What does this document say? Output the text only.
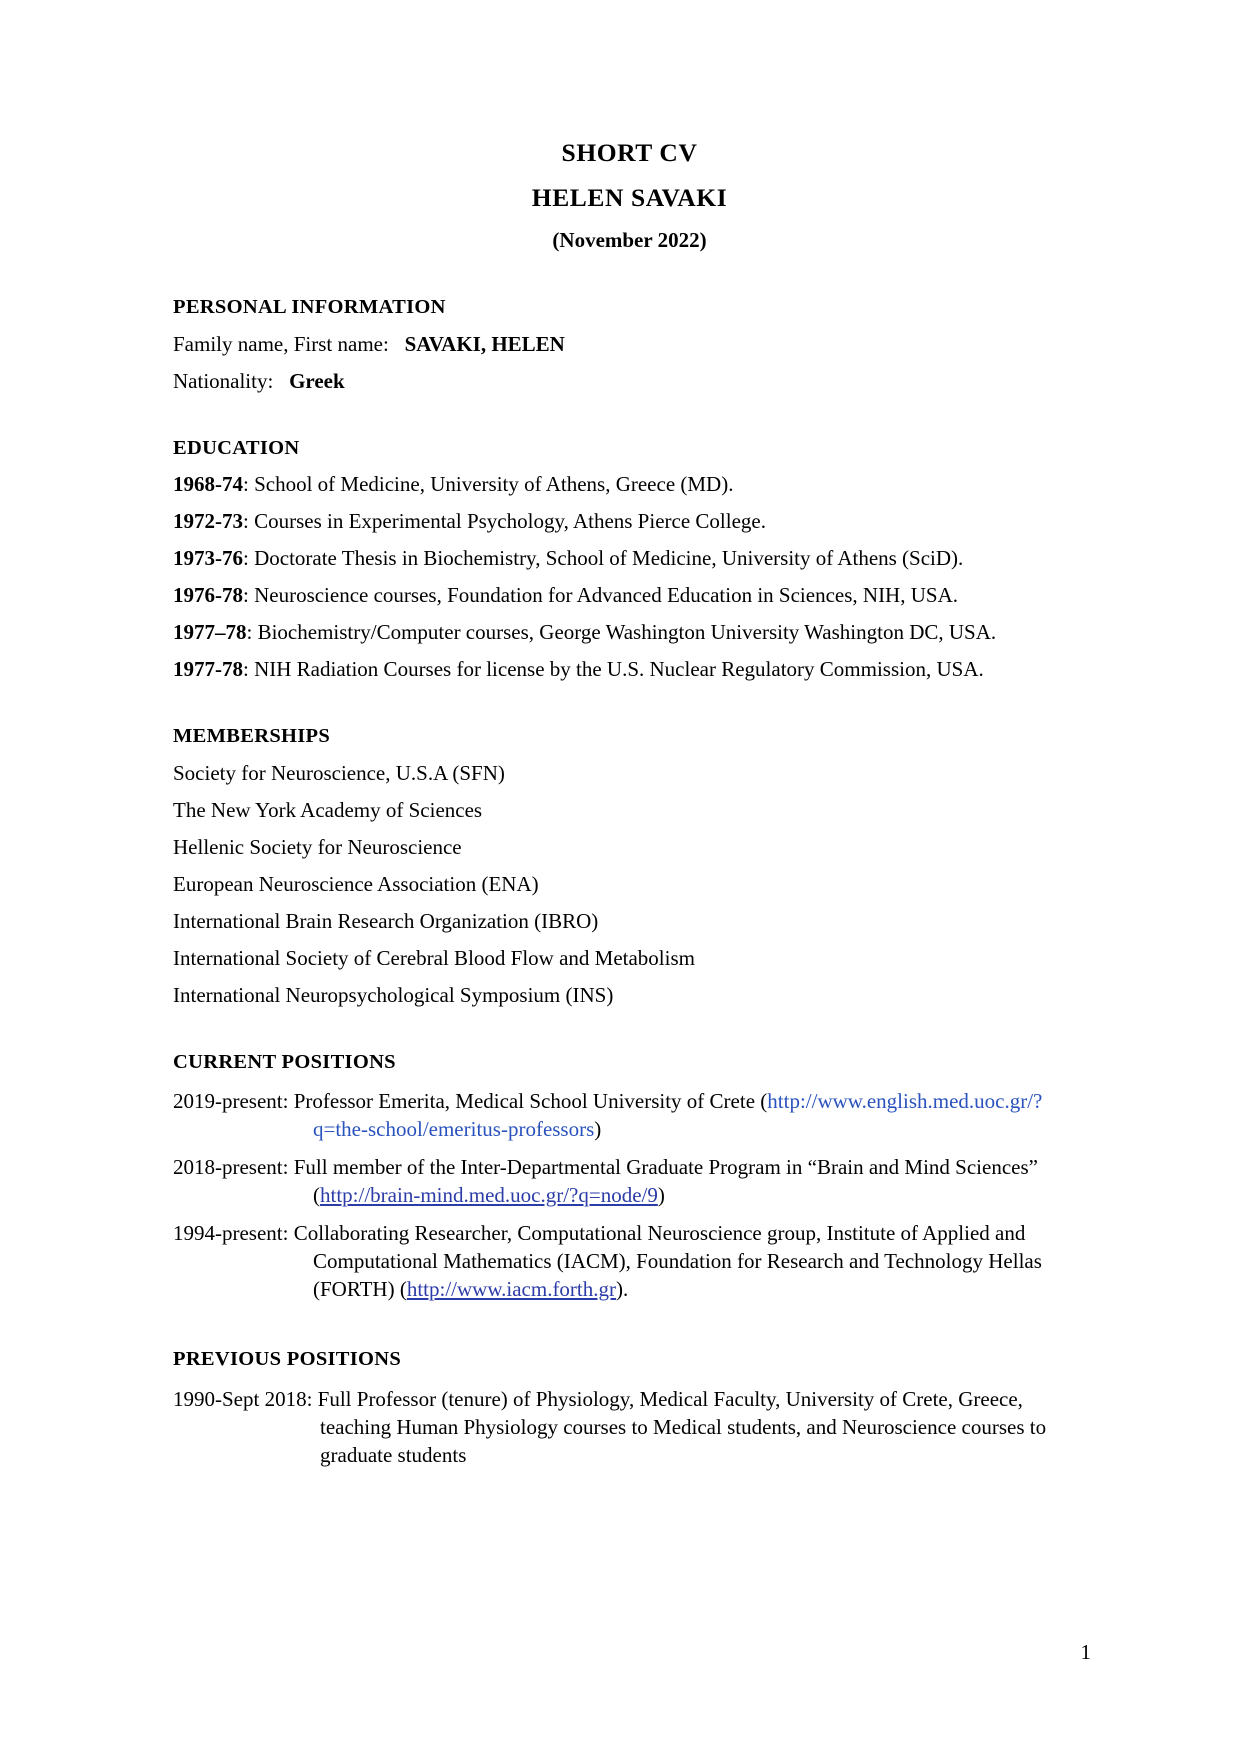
SHORT CV
HELEN SAVAKI
(November 2022)
PERSONAL INFORMATION
Family name, First name: SAVAKI, HELEN
Nationality: Greek
EDUCATION
1968-74: School of Medicine, University of Athens, Greece (MD).
1972-73: Courses in Experimental Psychology, Athens Pierce College.
1973-76: Doctorate Thesis in Biochemistry, School of Medicine, University of Athens (SciD).
1976-78: Neuroscience courses, Foundation for Advanced Education in Sciences, NIH, USA.
1977–78: Biochemistry/Computer courses, George Washington University Washington DC, USA.
1977-78: NIH Radiation Courses for license by the U.S. Nuclear Regulatory Commission, USA.
MEMBERSHIPS
Society for Neuroscience, U.S.A (SFN)
The New York Academy of Sciences
Hellenic Society for Neuroscience
European Neuroscience Association (ENA)
International Brain Research Organization (IBRO)
International Society of Cerebral Blood Flow and Metabolism
International Neuropsychological Symposium (INS)
CURRENT POSITIONS
2019-present: Professor Emerita, Medical School University of Crete (http://www.english.med.uoc.gr/?q=the-school/emeritus-professors)
2018-present: Full member of the Inter-Departmental Graduate Program in “Brain and Mind Sciences” (http://brain-mind.med.uoc.gr/?q=node/9)
1994-present: Collaborating Researcher, Computational Neuroscience group, Institute of Applied and Computational Mathematics (IACM), Foundation for Research and Technology Hellas (FORTH) (http://www.iacm.forth.gr).
PREVIOUS POSITIONS
1990-Sept 2018: Full Professor (tenure) of Physiology, Medical Faculty, University of Crete, Greece, teaching Human Physiology courses to Medical students, and Neuroscience courses to graduate students
1
